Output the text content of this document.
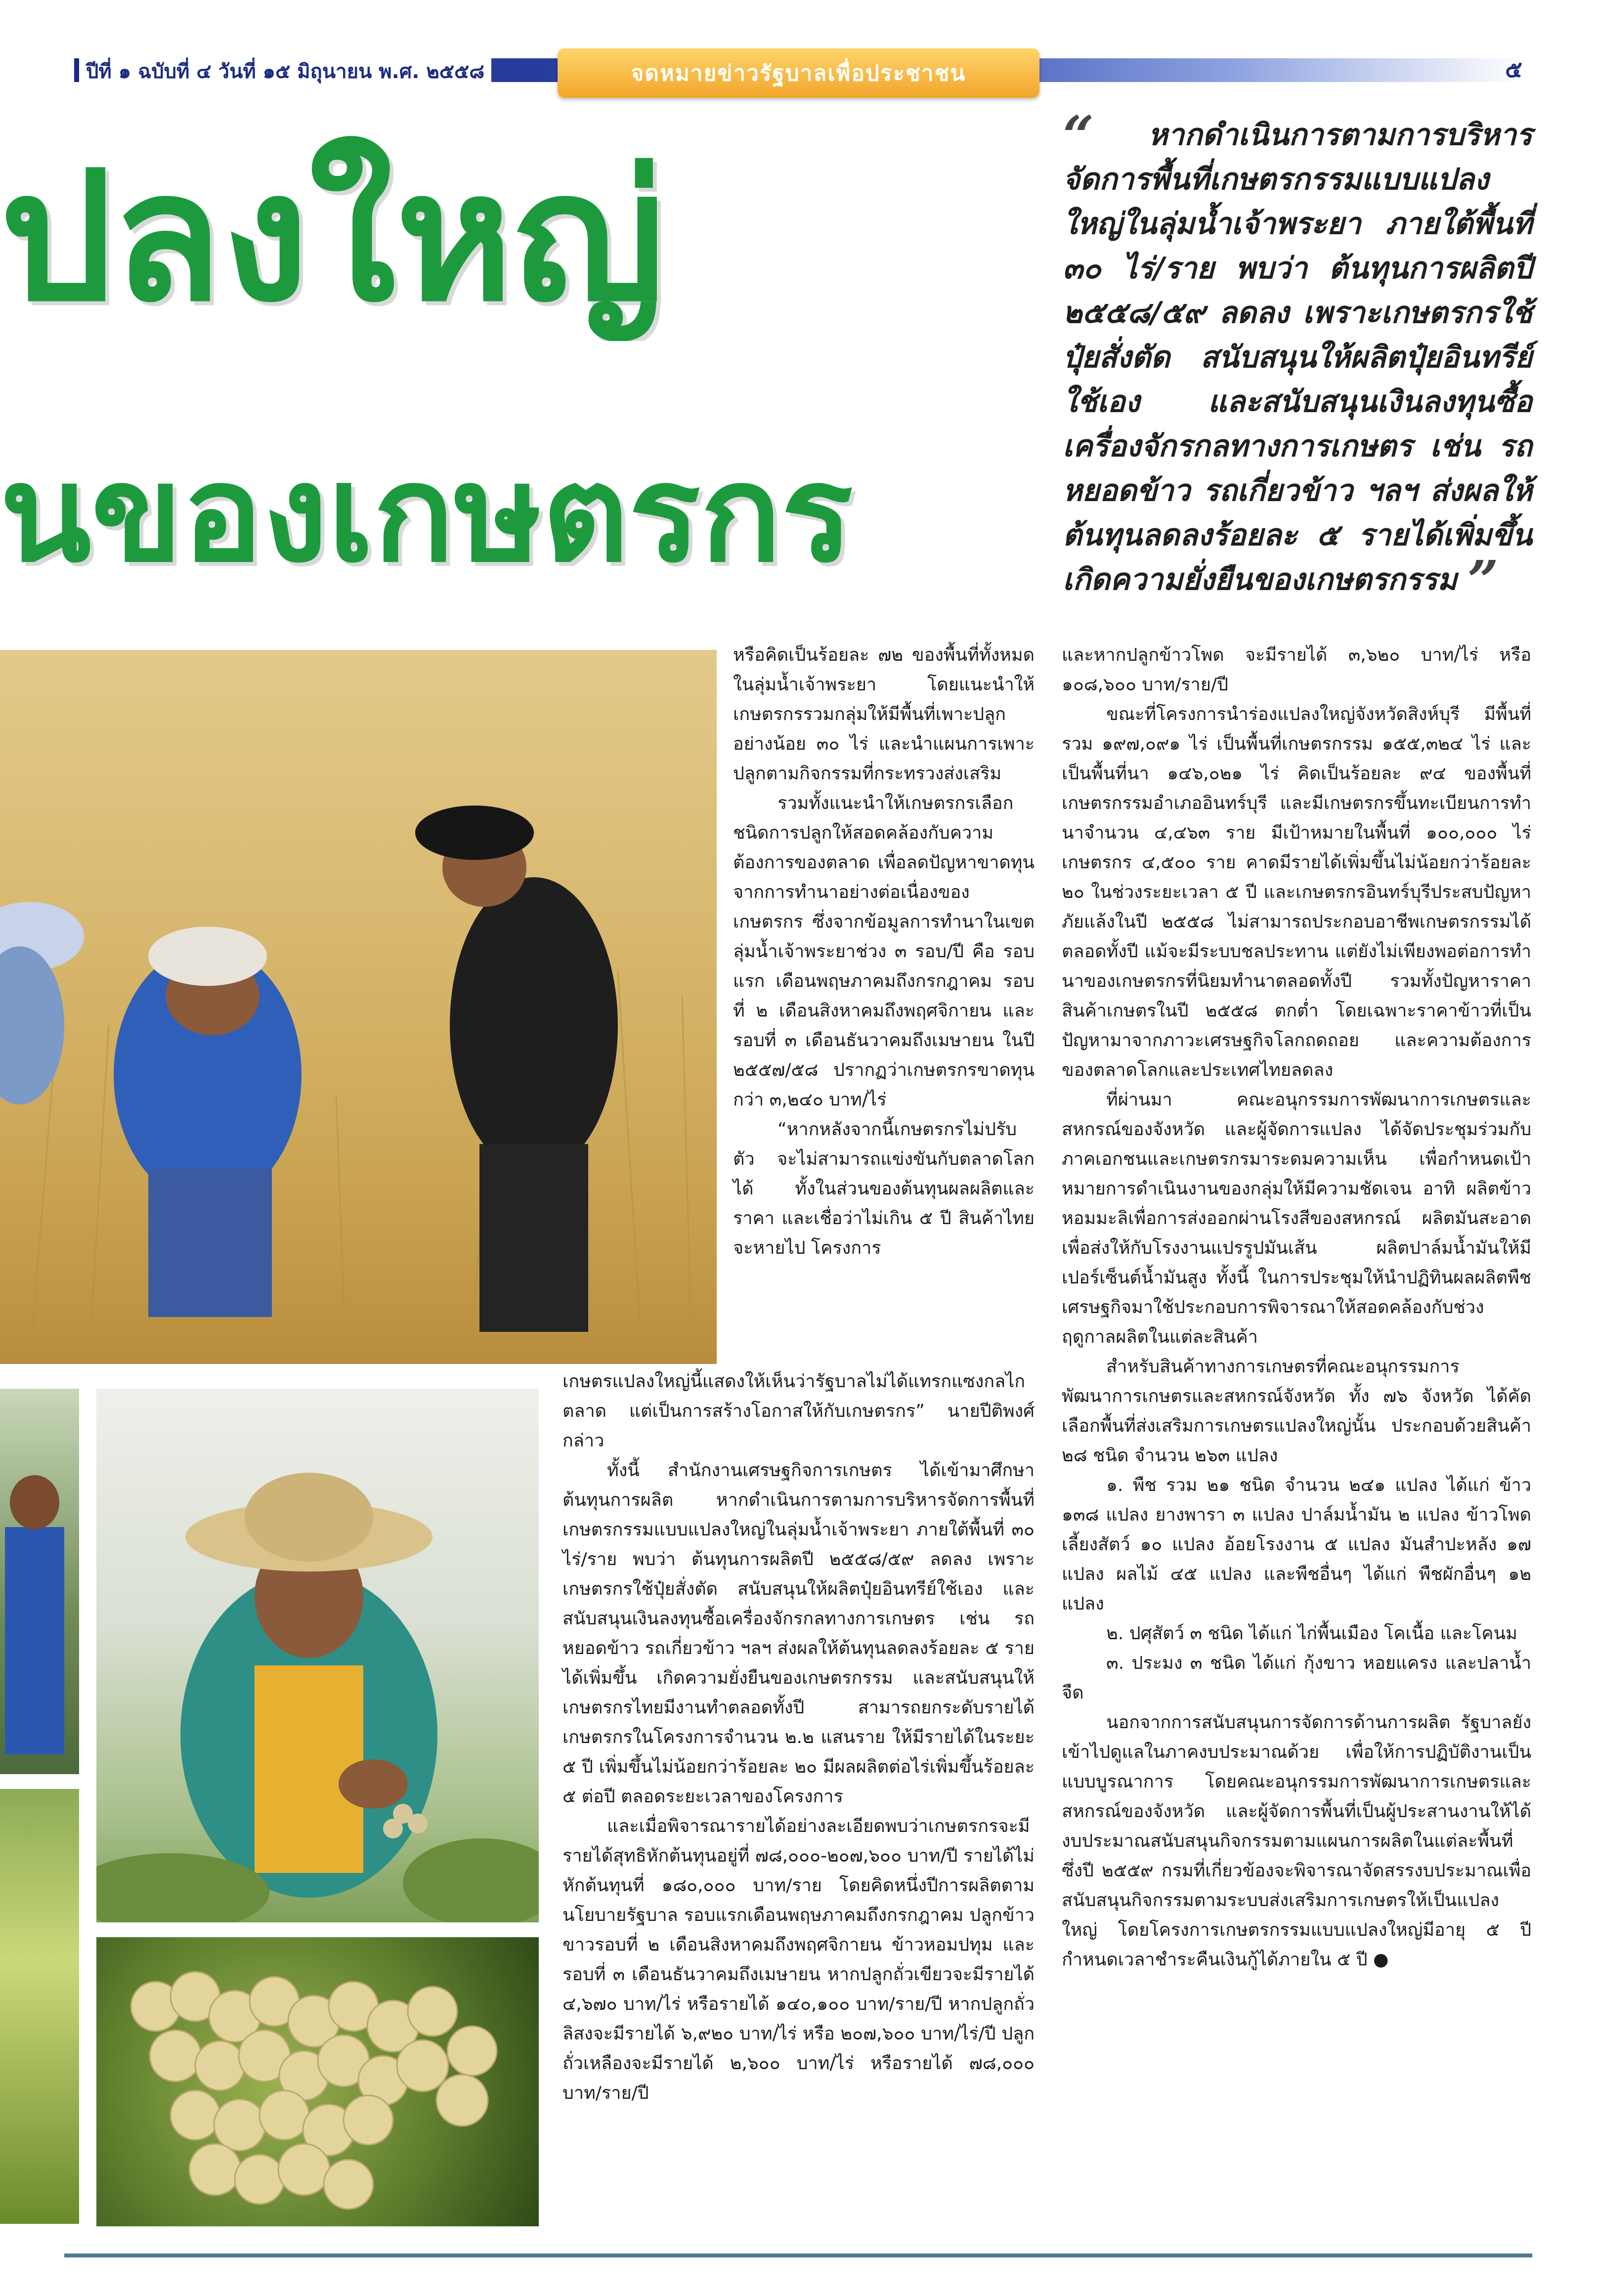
ปีที่ ๑ ฉบับที่ ๔ วันที่ ๑๕ มิถุนายน พ.ศ. ๒๕๕๘	จดหมายข่าวรัฐบาลเพื่อประชาชน	๕
ปลงใหญ่
นของเกษตรกร
“ หากดำเนินการตามการบริหารจัดการพื้นที่เกษตรกรรมแบบแปลงใหญ่ในลุ่มน้ำเจ้าพระยา ภายใต้พื้นที่ ๓๐ ไร่/ราย พบว่า ต้นทุนการผลิตปี ๒๕๕๘/๕๙ ลดลง เพราะเกษตรกรใช้ปุ๋ยสั่งตัด สนับสนุนให้ผลิตปุ๋ยอินทรีย์ใช้เอง และสนับสนุนเงินลงทุนซื้อเครื่องจักรกลทางการเกษตร เช่น รถหยอดข้าว รถเกี่ยวข้าว ฯลฯ ส่งผลให้ต้นทุนลดลงร้อยละ ๕ รายได้เพิ่มขึ้น เกิดความยั่งยืนของเกษตรกรรม ”

หรือคิดเป็นร้อยละ ๗๒ ของพื้นที่ทั้งหมดในลุ่มน้ำเจ้าพระยา โดยแนะนำให้เกษตรกรรวมกลุ่มให้มีพื้นที่เพาะปลูกอย่างน้อย ๓๐ ไร่ และนำแผนการเพาะปลูกตามกิจกรรมที่กระทรวงส่งเสริม

รวมทั้งแนะนำให้เกษตรกรเลือกชนิดการปลูกให้สอดคล้องกับความต้องการของตลาด เพื่อลดปัญหาขาดทุนจากการทำนาอย่างต่อเนื่องของเกษตรกร ซึ่งจากข้อมูลการทำนาในเขตลุ่มน้ำเจ้าพระยาช่วง ๓ รอบ/ปี คือ รอบแรก เดือนพฤษภาคมถึงกรกฎาคม รอบที่ ๒ เดือนสิงหาคมถึงพฤศจิกายน และรอบที่ ๓ เดือนธันวาคมถึงเมษายน ในปี ๒๕๕๗/๕๘ ปรากฏว่าเกษตรกรขาดทุนกว่า ๓,๒๔๐ บาท/ไร่

“หากหลังจากนี้เกษตรกรไม่ปรับตัว จะไม่สามารถแข่งขันกับตลาดโลกได้ ทั้งในส่วนของต้นทุนผลผลิตและราคา และเชื่อว่าไม่เกิน ๕ ปี สินค้าไทยจะหายไป โครงการ

เกษตรแปลงใหญ่นี้แสดงให้เห็นว่ารัฐบาลไม่ได้แทรกแซงกลไกตลาด แต่เป็นการสร้างโอกาสให้กับเกษตรกร” นายปีติพงศ์ กล่าว

ทั้งนี้ สำนักงานเศรษฐกิจการเกษตร ได้เข้ามาศึกษาต้นทุนการผลิต หากดำเนินการตามการบริหารจัดการพื้นที่เกษตรกรรมแบบแปลงใหญ่ในลุ่มน้ำเจ้าพระยา ภายใต้พื้นที่ ๓๐ ไร่/ราย พบว่า ต้นทุนการผลิตปี ๒๕๕๘/๕๙ ลดลง เพราะเกษตรกรใช้ปุ๋ยสั่งตัด สนับสนุนให้ผลิตปุ๋ยอินทรีย์ใช้เอง และสนับสนุนเงินลงทุนซื้อเครื่องจักรกลทางการเกษตร เช่น รถหยอดข้าว รถเกี่ยวข้าว ฯลฯ ส่งผลให้ต้นทุนลดลงร้อยละ ๕ รายได้เพิ่มขึ้น เกิดความยั่งยืนของเกษตรกรรม และสนับสนุนให้เกษตรกรไทยมีงานทำตลอดทั้งปี สามารถยกระดับรายได้เกษตรกรในโครงการจำนวน ๒.๒ แสนราย ให้มีรายได้ในระยะ ๕ ปี เพิ่มขึ้นไม่น้อยกว่าร้อยละ ๒๐ มีผลผลิตต่อไร่เพิ่มขึ้นร้อยละ ๕ ต่อปี ตลอดระยะเวลาของโครงการ

และเมื่อพิจารณารายได้อย่างละเอียดพบว่าเกษตรกรจะมีรายได้สุทธิหักต้นทุนอยู่ที่ ๗๘,๐๐๐-๒๐๗,๖๐๐ บาท/ปี รายได้ไม่หักต้นทุนที่ ๑๘๐,๐๐๐ บาท/ราย โดยคิดหนึ่งปีการผลิตตามนโยบายรัฐบาล รอบแรกเดือนพฤษภาคมถึงกรกฎาคม ปลูกข้าวขาวรอบที่ ๒ เดือนสิงหาคมถึงพฤศจิกายน ข้าวหอมปทุม และรอบที่ ๓ เดือนธันวาคมถึงเมษายน หากปลูกถั่วเขียวจะมีรายได้ ๔,๖๗๐ บาท/ไร่ หรือรายได้ ๑๔๐,๑๐๐ บาท/ราย/ปี หากปลูกถั่วลิสงจะมีรายได้ ๖,๙๒๐ บาท/ไร่ หรือ ๒๐๗,๖๐๐ บาท/ไร่/ปี ปลูกถั่วเหลืองจะมีรายได้ ๒,๖๐๐ บาท/ไร่ หรือรายได้ ๗๘,๐๐๐ บาท/ราย/ปี

และหากปลูกข้าวโพด จะมีรายได้ ๓,๖๒๐ บาท/ไร่ หรือ ๑๐๘,๖๐๐ บาท/ราย/ปี

ขณะที่โครงการนำร่องแปลงใหญ่จังหวัดสิงห์บุรี มีพื้นที่รวม ๑๙๗,๐๙๑ ไร่ เป็นพื้นที่เกษตรกรรม ๑๕๕,๓๒๔ ไร่ และเป็นพื้นที่นา ๑๔๖,๐๒๑ ไร่ คิดเป็นร้อยละ ๙๔ ของพื้นที่เกษตรกรรมอำเภออินทร์บุรี และมีเกษตรกรขึ้นทะเบียนการทำนาจำนวน ๔,๔๖๓ ราย มีเป้าหมายในพื้นที่ ๑๐๐,๐๐๐ ไร่ เกษตรกร ๔,๕๐๐ ราย คาดมีรายได้เพิ่มขึ้นไม่น้อยกว่าร้อยละ ๒๐ ในช่วงระยะเวลา ๕ ปี และเกษตรกรอินทร์บุรีประสบปัญหาภัยแล้งในปี ๒๕๕๘ ไม่สามารถประกอบอาชีพเกษตรกรรมได้ตลอดทั้งปี แม้จะมีระบบชลประทาน แต่ยังไม่เพียงพอต่อการทำนาของเกษตรกรที่นิยมทำนาตลอดทั้งปี รวมทั้งปัญหาราคาสินค้าเกษตรในปี ๒๕๕๘ ตกต่ำ โดยเฉพาะราคาข้าวที่เป็นปัญหามาจากภาวะเศรษฐกิจโลกถดถอย และความต้องการของตลาดโลกและประเทศไทยลดลง

ที่ผ่านมา คณะอนุกรรมการพัฒนาการเกษตรและสหกรณ์ของจังหวัด และผู้จัดการแปลง ได้จัดประชุมร่วมกับภาคเอกชนและเกษตรกรมาระดมความเห็น เพื่อกำหนดเป้าหมายการดำเนินงานของกลุ่มให้มีความชัดเจน อาทิ ผลิตข้าวหอมมะลิเพื่อการส่งออกผ่านโรงสีของสหกรณ์ ผลิตมันสะอาดเพื่อส่งให้กับโรงงานแปรรูปมันเส้น ผลิตปาล์มน้ำมันให้มีเปอร์เซ็นต์น้ำมันสูง ทั้งนี้ ในการประชุมให้นำปฏิทินผลผลิตพืชเศรษฐกิจมาใช้ประกอบการพิจารณาให้สอดคล้องกับช่วงฤดูกาลผลิตในแต่ละสินค้า

สำหรับสินค้าทางการเกษตรที่คณะอนุกรรมการพัฒนาการเกษตรและสหกรณ์จังหวัด ทั้ง ๗๖ จังหวัด ได้คัดเลือกพื้นที่ส่งเสริมการเกษตรแปลงใหญ่นั้น ประกอบด้วยสินค้า ๒๘ ชนิด จำนวน ๒๖๓ แปลง

๑. พืช รวม ๒๑ ชนิด จำนวน ๒๔๑ แปลง ได้แก่ ข้าว ๑๓๘ แปลง ยางพารา ๓ แปลง ปาล์มน้ำมัน ๒ แปลง ข้าวโพดเลี้ยงสัตว์ ๑๐ แปลง อ้อยโรงงาน ๕ แปลง มันสำปะหลัง ๑๗ แปลง ผลไม้ ๔๕ แปลง และพืชอื่นๆ ได้แก่ พืชผักอื่นๆ ๑๒ แปลง

๒. ปศุสัตว์ ๓ ชนิด ได้แก่ ไก่พื้นเมือง โคเนื้อ และโคนม

๓. ประมง ๓ ชนิด ได้แก่ กุ้งขาว หอยแครง และปลาน้ำจืด

นอกจากการสนับสนุนการจัดการด้านการผลิต รัฐบาลยังเข้าไปดูแลในภาคงบประมาณด้วย เพื่อให้การปฏิบัติงานเป็นแบบบูรณาการ โดยคณะอนุกรรมการพัฒนาการเกษตรและสหกรณ์ของจังหวัด และผู้จัดการพื้นที่เป็นผู้ประสานงานให้ได้งบประมาณสนับสนุนกิจกรรมตามแผนการผลิตในแต่ละพื้นที่ ซึ่งปี ๒๕๕๙ กรมที่เกี่ยวข้องจะพิจารณาจัดสรรงบประมาณเพื่อสนับสนุนกิจกรรมตามระบบส่งเสริมการเกษตรให้เป็นแปลงใหญ่ โดยโครงการเกษตรกรรมแบบแปลงใหญ่มีอายุ ๕ ปี กำหนดเวลาชำระคืนเงินกู้ได้ภายใน ๕ ปี ●
